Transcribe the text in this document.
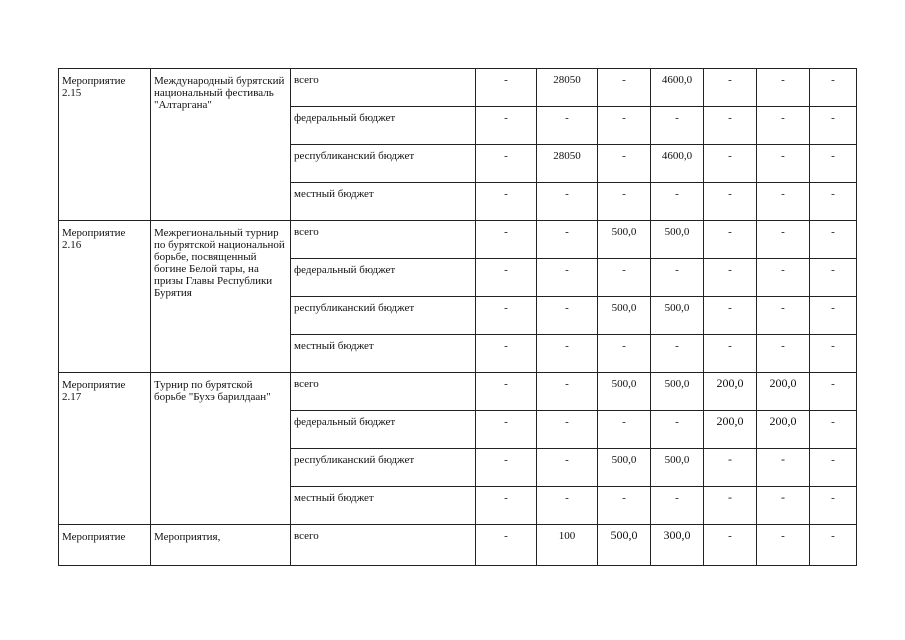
Мероприятие 2.15	Международный бурятский национальный фестиваль "Алтаргана"	всего	-	28050	-	4600,0	-	-	-
		федеральный бюджет	-	-	-	-	-	-	-
		республиканский бюджет	-	28050	-	4600,0	-	-	-
		местный бюджет	-	-	-	-	-	-	-
Мероприятие 2.16	Межрегиональный турнир по бурятской национальной борьбе, посвященный богине Белой тары, на призы Главы Республики Бурятия	всего	-	-	500,0	500,0	-	-	-
		федеральный бюджет	-	-	-	-	-	-	-
		республиканский бюджет	-	-	500,0	500,0	-	-	-
		местный бюджет	-	-	-	-	-	-	-
Мероприятие 2.17	Турнир по бурятской борьбе "Бухэ барилдаан"	всего	-	-	500,0	500,0	200,0	200,0	-
		федеральный бюджет	-	-	-	-	200,0	200,0	-
		республиканский бюджет	-	-	500,0	500,0	-	-	-
		местный бюджет	-	-	-	-	-	-	-
Мероприятие	Мероприятия,	всего	-	100	500,0	300,0	-	-	-
